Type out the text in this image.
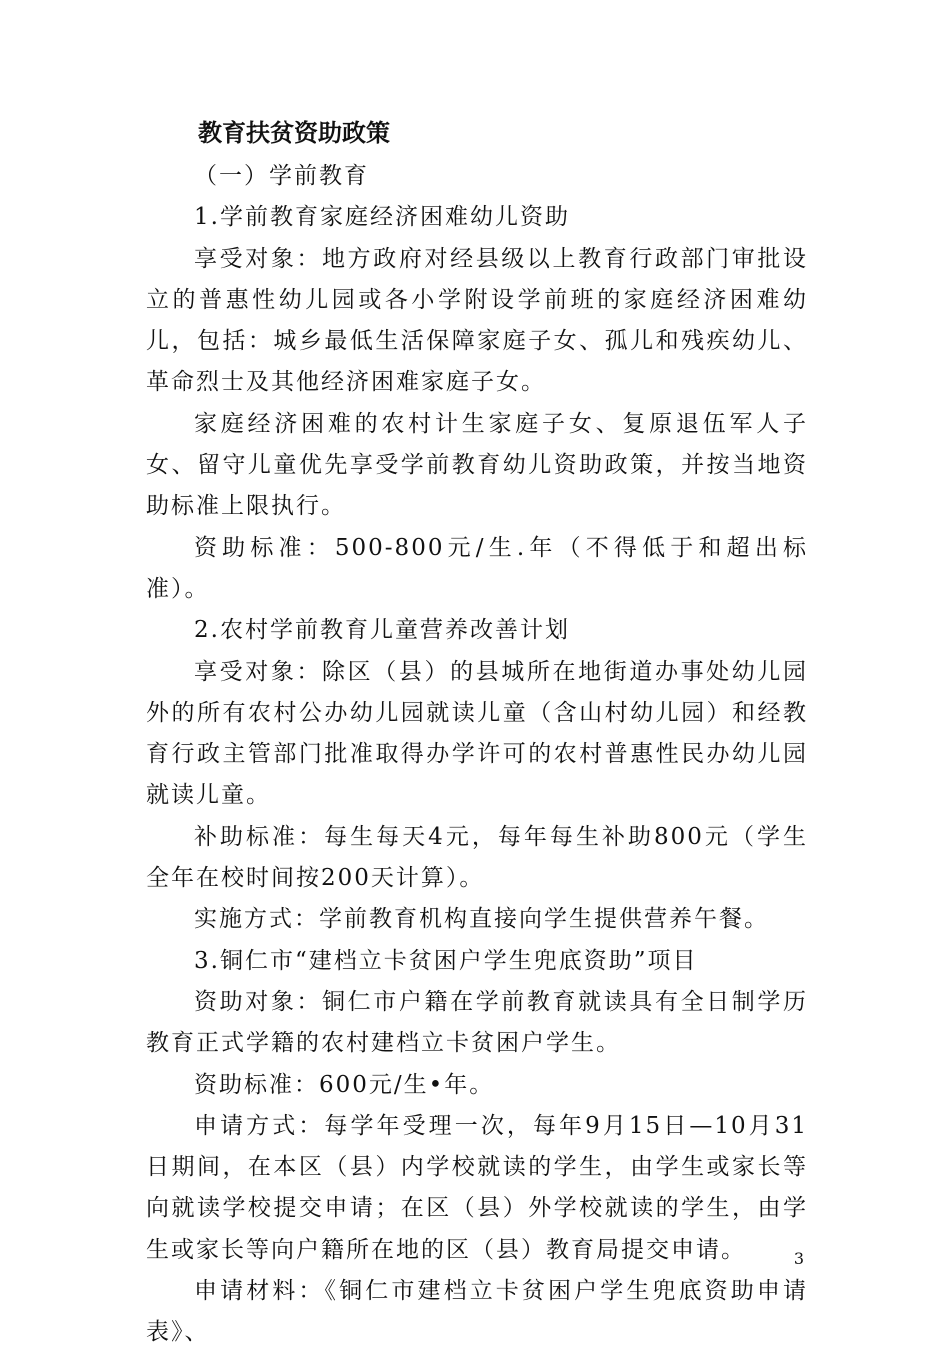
教育扶贫资助政策

（一）学前教育

1.学前教育家庭经济困难幼儿资助

享受对象：地方政府对经县级以上教育行政部门审批设立的普惠性幼儿园或各小学附设学前班的家庭经济困难幼儿，包括：城乡最低生活保障家庭子女、孤儿和残疾幼儿、革命烈士及其他经济困难家庭子女。

家庭经济困难的农村计生家庭子女、复原退伍军人子女、留守儿童优先享受学前教育幼儿资助政策，并按当地资助标准上限执行。

资助标准：500-800元/生.年（不得低于和超出标准）。

2.农村学前教育儿童营养改善计划

享受对象：除区（县）的县城所在地街道办事处幼儿园外的所有农村公办幼儿园就读儿童（含山村幼儿园）和经教育行政主管部门批准取得办学许可的农村普惠性民办幼儿园就读儿童。

补助标准：每生每天4元，每年每生补助800元（学生全年在校时间按200天计算）。

实施方式：学前教育机构直接向学生提供营养午餐。

3.铜仁市“建档立卡贫困户学生兜底资助”项目

资助对象：铜仁市户籍在学前教育就读具有全日制学历教育正式学籍的农村建档立卡贫困户学生。

资助标准：600元/生•年。

申请方式：每学年受理一次，每年9月15日—10月31日期间，在本区（县）内学校就读的学生，由学生或家长等向就读学校提交申请；在区（县）外学校就读的学生，由学生或家长等向户籍所在地的区（县）教育局提交申请。

申请材料：《铜仁市建档立卡贫困户学生兜底资助申请表》、

3
